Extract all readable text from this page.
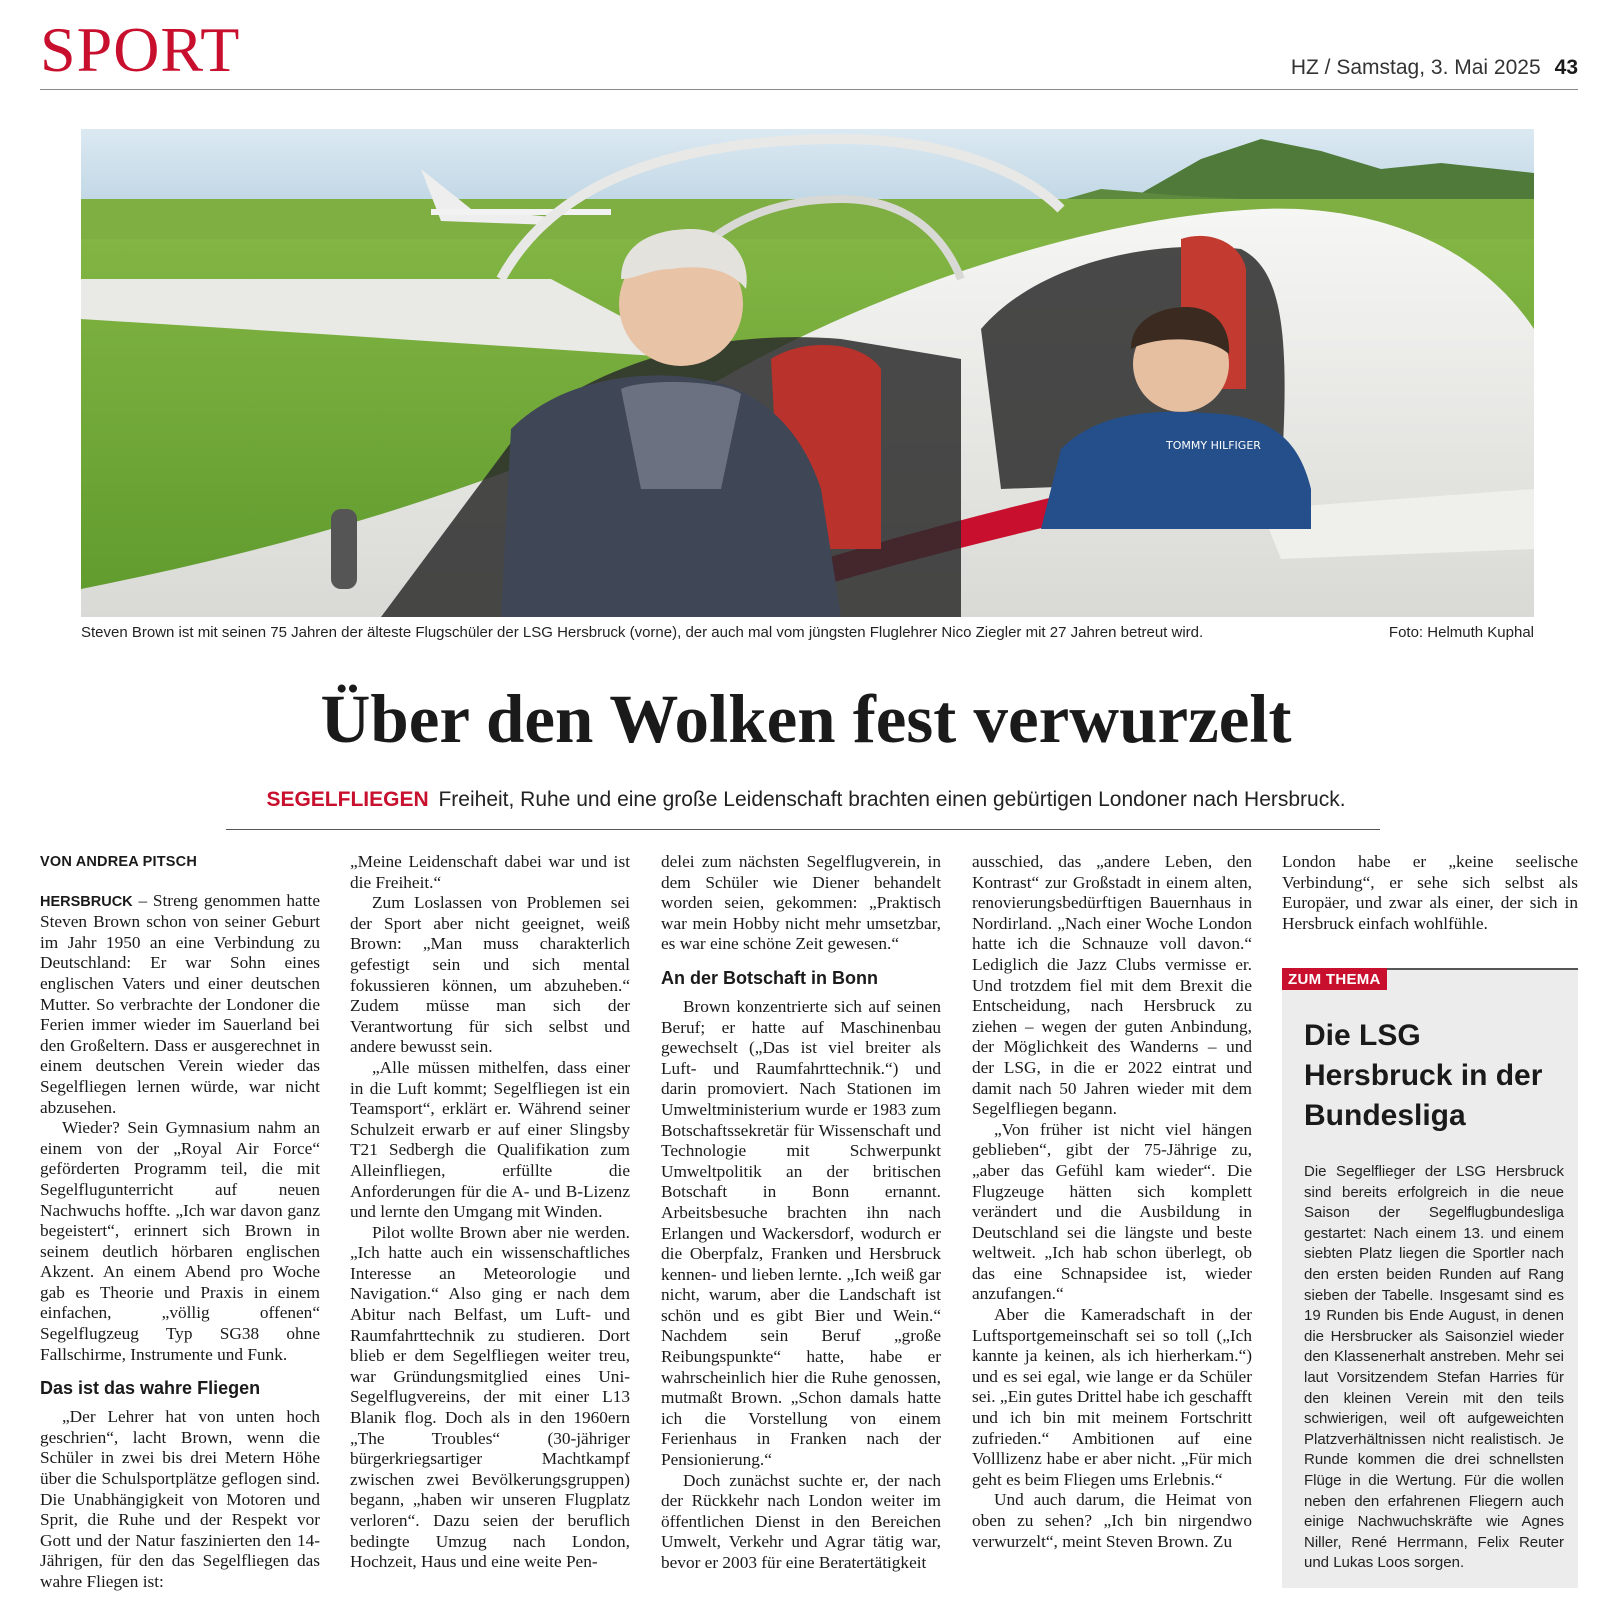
SPORT	HZ / Samstag, 3. Mai 2025 43
TOMMY HILFIGER
Steven Brown ist mit seinen 75 Jahren der älteste Flugschüler der LSG Hersbruck (vorne), der auch mal vom jüngsten Fluglehrer Nico Ziegler mit 27 Jahren betreut wird.	Foto: Helmuth Kuphal
Über den Wolken fest verwurzelt
SEGELFLIEGEN Freiheit, Ruhe und eine große Leidenschaft brachten einen gebürtigen Londoner nach Hersbruck.
VON ANDREA PITSCH

HERSBRUCK – Streng genommen hatte Steven Brown schon von seiner Geburt im Jahr 1950 an eine Verbindung zu Deutschland: Er war Sohn eines englischen Vaters und einer deutschen Mutter. So verbrachte der Londoner die Ferien immer wieder im Sauerland bei den Großeltern. Dass er ausgerechnet in einem deutschen Verein wieder das Segelfliegen lernen würde, war nicht abzusehen.

Wieder? Sein Gymnasium nahm an einem von der „Royal Air Force“ geförderten Programm teil, die mit Segelflugunterricht auf neuen Nachwuchs hoffte. „Ich war davon ganz begeistert“, erinnert sich Brown in seinem deutlich hörbaren englischen Akzent. An einem Abend pro Woche gab es Theorie und Praxis in einem einfachen, „völlig offenen“ Segelflugzeug Typ SG38 ohne Fallschirme, Instrumente und Funk.

Das ist das wahre Fliegen

„Der Lehrer hat von unten hoch geschrien“, lacht Brown, wenn die Schüler in zwei bis drei Metern Höhe über die Schulsportplätze geflogen sind. Die Unabhängigkeit von Motoren und Sprit, die Ruhe und der Respekt vor Gott und der Natur faszinierten den 14-Jährigen, für den das Segelfliegen das wahre Fliegen ist:

„Meine Leidenschaft dabei war und ist die Freiheit.“

Zum Loslassen von Problemen sei der Sport aber nicht geeignet, weiß Brown: „Man muss charakterlich gefestigt sein und sich mental fokussieren können, um abzuheben.“ Zudem müsse man sich der Verantwortung für sich selbst und andere bewusst sein.

„Alle müssen mithelfen, dass einer in die Luft kommt; Segelfliegen ist ein Teamsport“, erklärt er. Während seiner Schulzeit erwarb er auf einer Slingsby T21 Sedbergh die Qualifikation zum Alleinfliegen, erfüllte die Anforderungen für die A- und B-Lizenz und lernte den Umgang mit Winden.

Pilot wollte Brown aber nie werden. „Ich hatte auch ein wissenschaftliches Interesse an Meteorologie und Navigation.“ Also ging er nach dem Abitur nach Belfast, um Luft- und Raumfahrttechnik zu studieren. Dort blieb er dem Segelfliegen weiter treu, war Gründungsmitglied eines Uni-Segelflugvereins, der mit einer L13 Blanik flog. Doch als in den 1960ern „The Troubles“ (30-jähriger bürgerkriegsartiger Machtkampf zwischen zwei Bevölkerungsgruppen) begann, „haben wir unseren Flugplatz verloren“. Dazu seien der beruflich bedingte Umzug nach London, Hochzeit, Haus und eine weite Pen-

delei zum nächsten Segelflugverein, in dem Schüler wie Diener behandelt worden seien, gekommen: „Praktisch war mein Hobby nicht mehr umsetzbar, es war eine schöne Zeit gewesen.“

An der Botschaft in Bonn

Brown konzentrierte sich auf seinen Beruf; er hatte auf Maschinenbau gewechselt („Das ist viel breiter als Luft- und Raumfahrttechnik.“) und darin promoviert. Nach Stationen im Umweltministerium wurde er 1983 zum Botschaftssekretär für Wissenschaft und Technologie mit Schwerpunkt Umweltpolitik an der britischen Botschaft in Bonn ernannt. Arbeitsbesuche brachten ihn nach Erlangen und Wackersdorf, wodurch er die Oberpfalz, Franken und Hersbruck kennen- und lieben lernte. „Ich weiß gar nicht, warum, aber die Landschaft ist schön und es gibt Bier und Wein.“ Nachdem sein Beruf „große Reibungspunkte“ hatte, habe er wahrscheinlich hier die Ruhe genossen, mutmaßt Brown. „Schon damals hatte ich die Vorstellung von einem Ferienhaus in Franken nach der Pensionierung.“

Doch zunächst suchte er, der nach der Rückkehr nach London weiter im öffentlichen Dienst in den Bereichen Umwelt, Verkehr und Agrar tätig war, bevor er 2003 für eine Beratertätigkeit

ausschied, das „andere Leben, den Kontrast“ zur Großstadt in einem alten, renovierungsbedürftigen Bauernhaus in Nordirland. „Nach einer Woche London hatte ich die Schnauze voll davon.“ Lediglich die Jazz Clubs vermisse er. Und trotzdem fiel mit dem Brexit die Entscheidung, nach Hersbruck zu ziehen – wegen der guten Anbindung, der Möglichkeit des Wanderns – und der LSG, in die er 2022 eintrat und damit nach 50 Jahren wieder mit dem Segelfliegen begann.

„Von früher ist nicht viel hängen geblieben“, gibt der 75-Jährige zu, „aber das Gefühl kam wieder“. Die Flugzeuge hätten sich komplett verändert und die Ausbildung in Deutschland sei die längste und beste weltweit. „Ich hab schon überlegt, ob das eine Schnapsidee ist, wieder anzufangen.“

Aber die Kameradschaft in der Luftsportgemeinschaft sei so toll („Ich kannte ja keinen, als ich hierherkam.“) und es sei egal, wie lange er da Schüler sei. „Ein gutes Drittel habe ich geschafft und ich bin mit meinem Fortschritt zufrieden.“ Ambitionen auf eine Volllizenz habe er aber nicht. „Für mich geht es beim Fliegen ums Erlebnis.“

Und auch darum, die Heimat von oben zu sehen? „Ich bin nirgendwo verwurzelt“, meint Steven Brown. Zu

London habe er „keine seelische Verbindung“, er sehe sich selbst als Europäer, und zwar als einer, der sich in Hersbruck einfach wohlfühle.

ZUM THEMA
Die LSG Hersbruck in der Bundesliga
Die Segelflieger der LSG Hersbruck sind bereits erfolgreich in die neue Saison der Segelflugbundesliga gestartet: Nach einem 13. und einem siebten Platz liegen die Sportler nach den ersten beiden Runden auf Rang sieben der Tabelle. Insgesamt sind es 19 Runden bis Ende August, in denen die Hersbrucker als Saisonziel wieder den Klassenerhalt anstreben. Mehr sei laut Vorsitzendem Stefan Harries für den kleinen Verein mit den teils schwierigen, weil oft aufgeweichten Platzverhältnissen nicht realistisch. Je Runde kommen die drei schnellsten Flüge in die Wertung. Für die wollen neben den erfahrenen Fliegern auch einige Nachwuchskräfte wie Agnes Niller, René Herrmann, Felix Reuter und Lukas Loos sorgen.
